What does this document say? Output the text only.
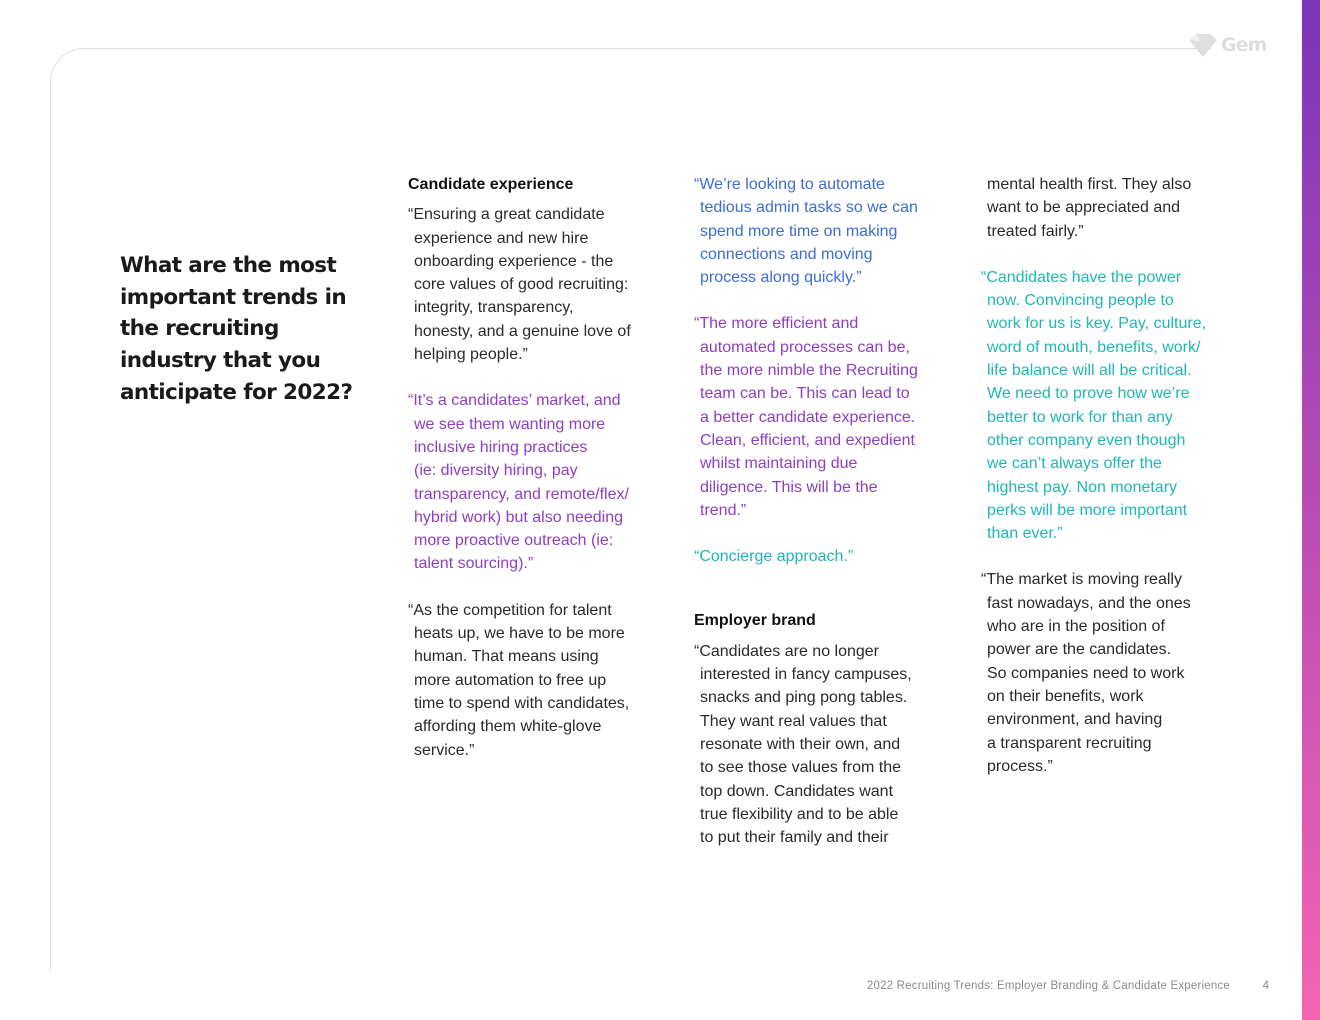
Gem
What are the most important trends in the recruiting industry that you anticipate for 2022?
Candidate experience
“Ensuring a great candidate
experience and new hire
onboarding experience - the
core values of good recruiting:
integrity, transparency,
honesty, and a genuine love of
helping people.”
“It’s a candidates’ market, and
we see them wanting more
inclusive hiring practices
(ie: diversity hiring, pay
transparency, and remote/flex/
hybrid work) but also needing
more proactive outreach (ie:
talent sourcing).”
“As the competition for talent
heats up, we have to be more
human. That means using
more automation to free up
time to spend with candidates,
affording them white-glove
service.”
“We’re looking to automate
tedious admin tasks so we can
spend more time on making
connections and moving
process along quickly.”
“The more efficient and
automated processes can be,
the more nimble the Recruiting
team can be. This can lead to
a better candidate experience.
Clean, efficient, and expedient
whilst maintaining due
diligence. This will be the
trend.”
“Concierge approach.”
Employer brand
“Candidates are no longer
interested in fancy campuses,
snacks and ping pong tables.
They want real values that
resonate with their own, and
to see those values from the
top down. Candidates want
true flexibility and to be able
to put their family and their
mental health first. They also
want to be appreciated and
treated fairly.”
“Candidates have the power
now. Convincing people to
work for us is key. Pay, culture,
word of mouth, benefits, work/
life balance will all be critical.
We need to prove how we’re
better to work for than any
other company even though
we can’t always offer the
highest pay. Non monetary
perks will be more important
than ever.”
“The market is moving really
fast nowadays, and the ones
who are in the position of
power are the candidates.
So companies need to work
on their benefits, work
environment, and having
a transparent recruiting
process.”
2022 Recruiting Trends: Employer Branding & Candidate Experience	4
